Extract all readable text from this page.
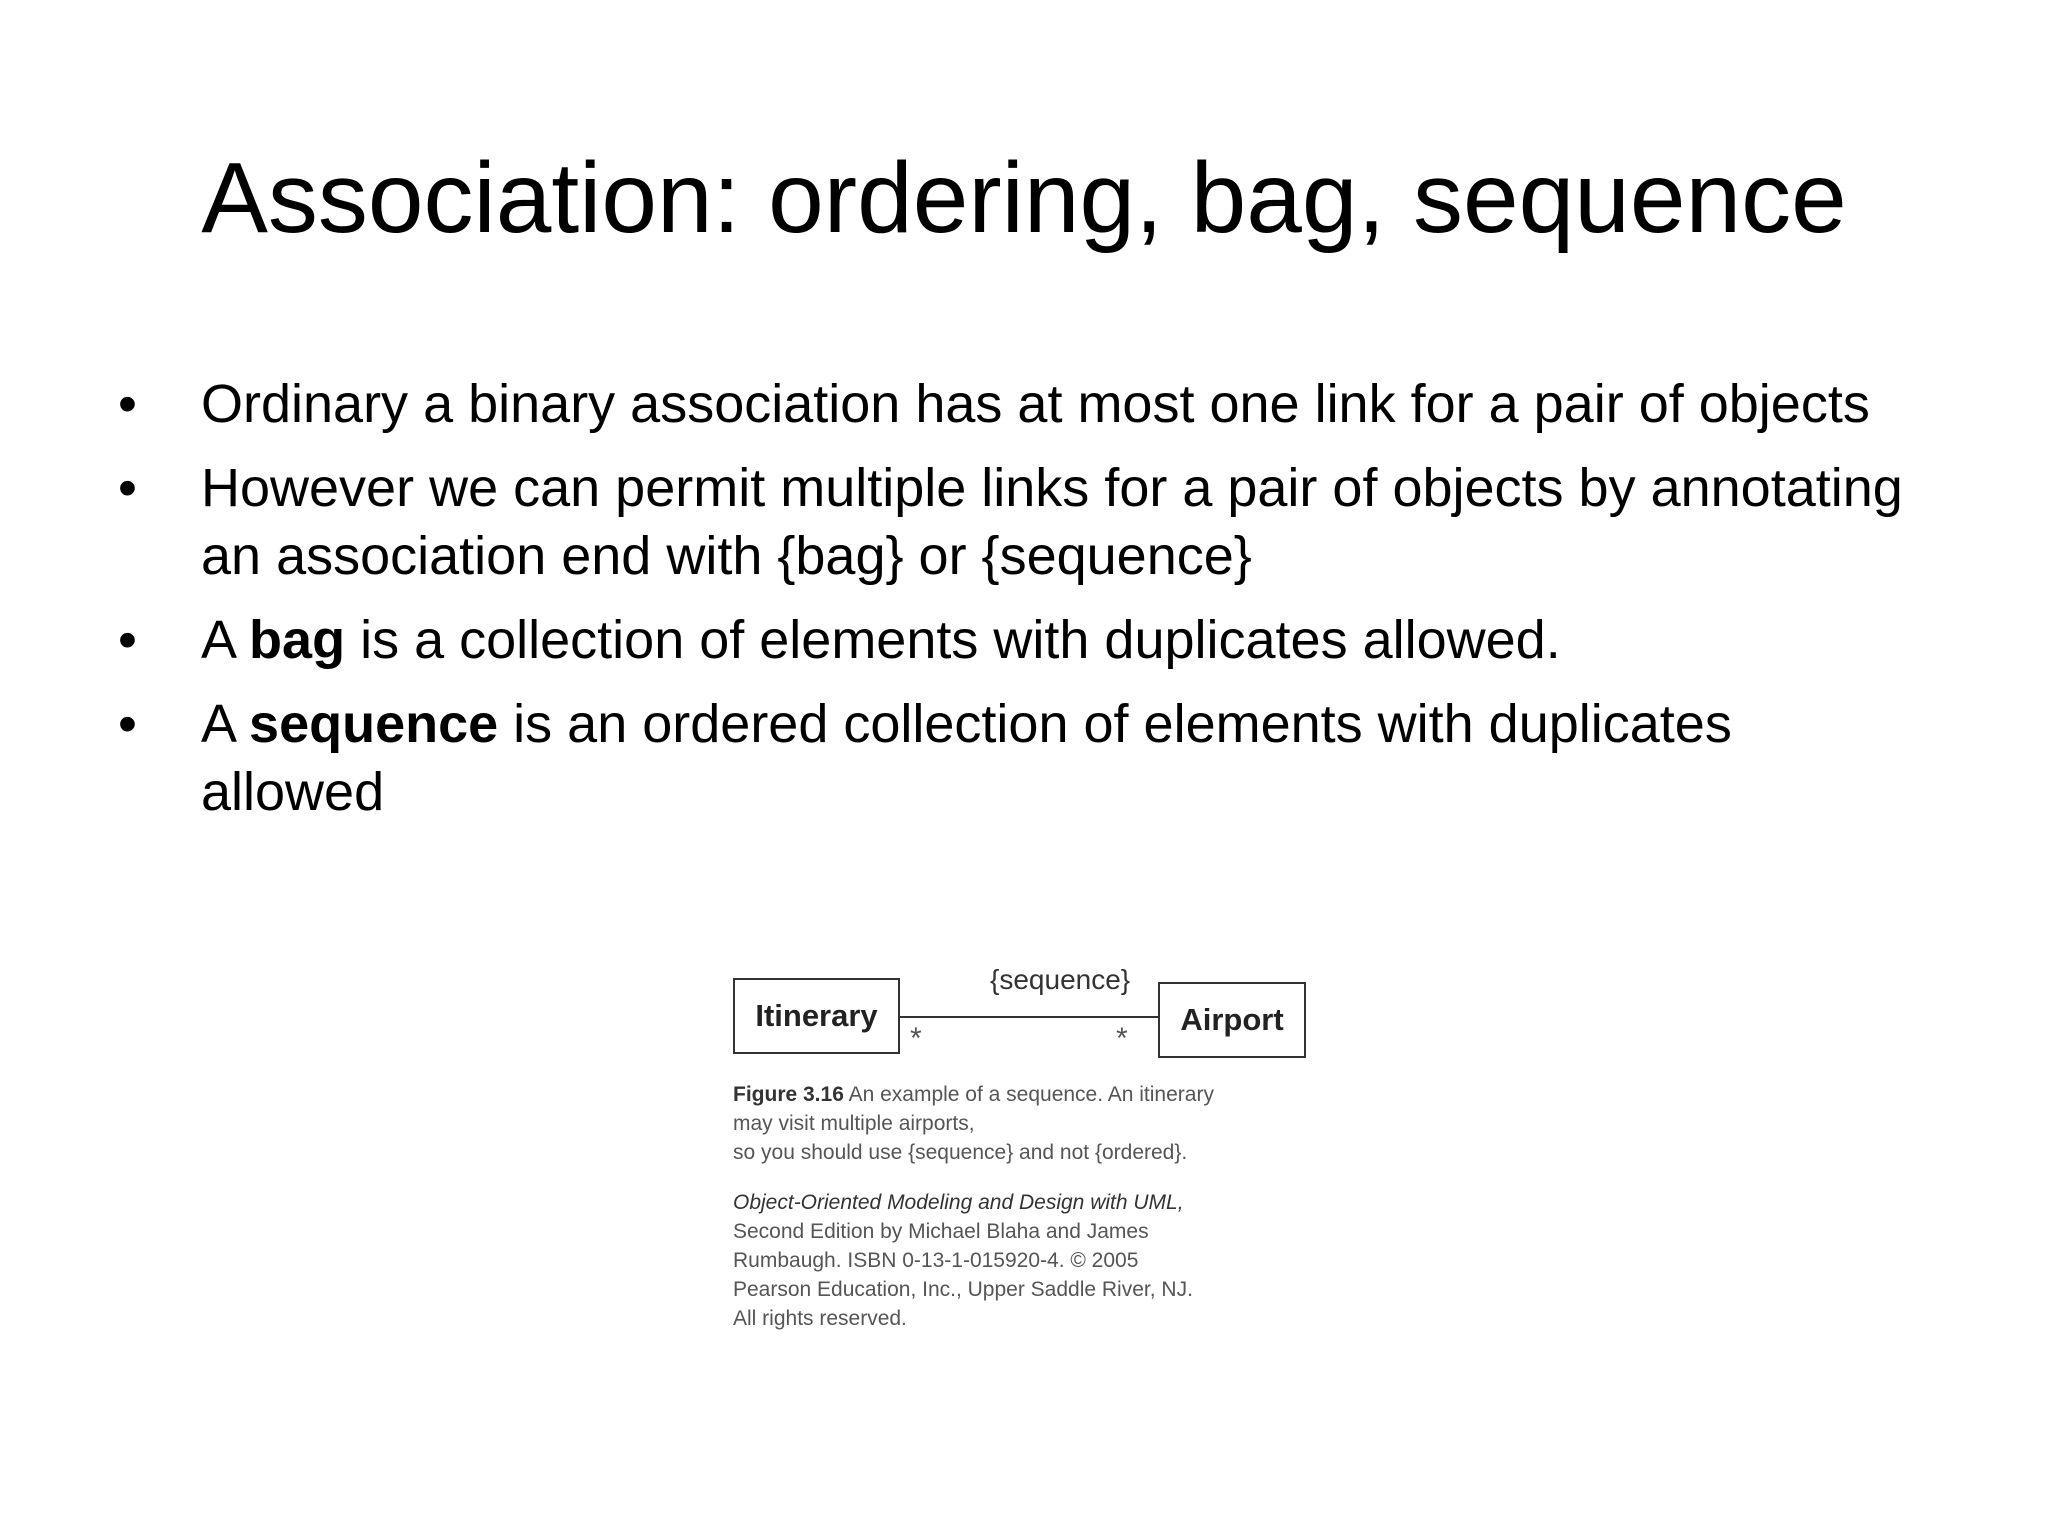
Association: ordering, bag, sequence
•	Ordinary a binary association has at most one link for a pair of objects
•	However we can permit multiple links for a pair of objects by annotating an association end with {bag} or {sequence}
•	A bag is a collection of elements with duplicates allowed.
•	A sequence is an ordered collection of elements with duplicates allowed
Itinerary
{sequence}
*	*
Airport
Figure 3.16 An example of a sequence. An itinerary
may visit multiple airports,
so you should use {sequence} and not {ordered}.
Object-Oriented Modeling and Design with UML,
Second Edition by Michael Blaha and James
Rumbaugh. ISBN 0-13-1-015920-4. © 2005
Pearson Education, Inc., Upper Saddle River, NJ.
All rights reserved.
